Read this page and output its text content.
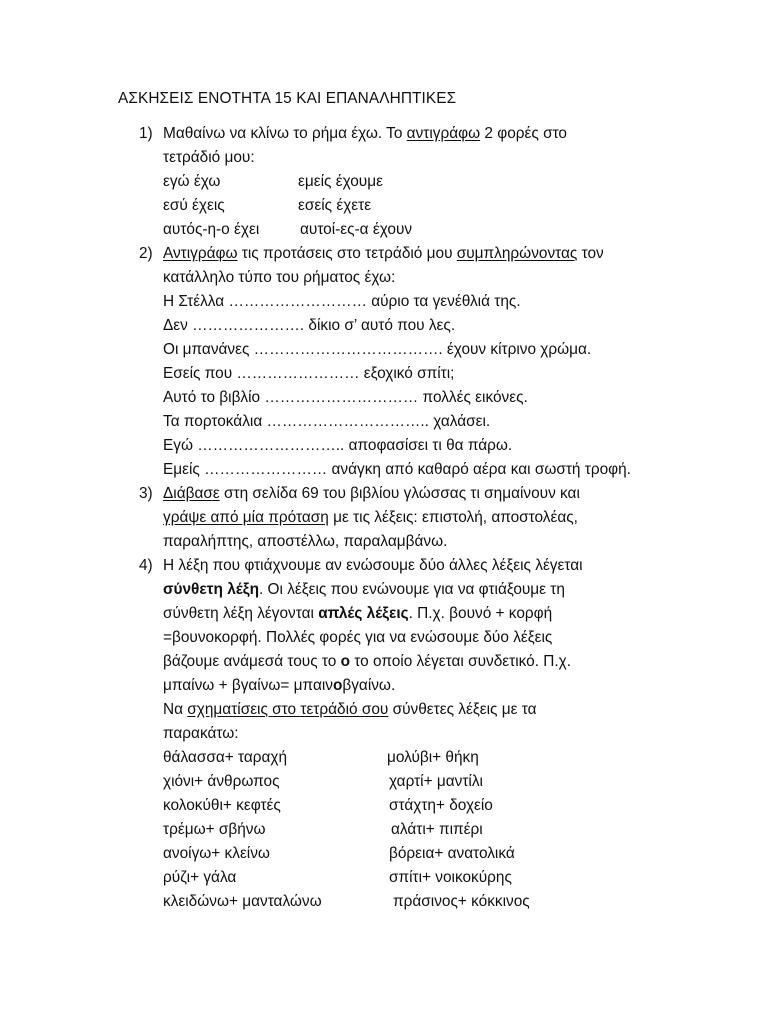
ΑΣΚΗΣΕΙΣ ΕΝΟΤΗΤΑ 15 ΚΑΙ ΕΠΑΝΑΛΗΠΤΙΚΕΣ
1) Μαθαίνω να κλίνω το ρήμα έχω. Το αντιγράφω 2 φορές στο
τετράδιό μου:
εγώ έχω	εμείς έχουμε
εσύ έχεις	εσείς έχετε
αυτός-η-ο έχει	αυτοί-ες-α έχουν
2) Αντιγράφω τις προτάσεις στο τετράδιό μου συμπληρώνοντας τον
κατάλληλο τύπο του ρήματος έχω:
Η Στέλλα ……………………… αύριο τα γενέθλιά της.
Δεν …………………. δίκιο σ’ αυτό που λες.
Οι μπανάνες ………………………………. έχουν κίτρινο χρώμα.
Εσείς που …………………… εξοχικό σπίτι;
Αυτό το βιβλίο ………………………… πολλές εικόνες.
Τα πορτοκάλια ………………………….. χαλάσει.
Εγώ ……………………….. αποφασίσει τι θα πάρω.
Εμείς …………………… ανάγκη από καθαρό αέρα και σωστή τροφή.
3) Διάβασε στη σελίδα 69 του βιβλίου γλώσσας τι σημαίνουν και
γράψε από μία πρόταση με τις λέξεις: επιστολή, αποστολέας,
παραλήπτης, αποστέλλω, παραλαμβάνω.
4) Η λέξη που φτιάχνουμε αν ενώσουμε δύο άλλες λέξεις λέγεται
σύνθετη λέξη. Οι λέξεις που ενώνουμε για να φτιάξουμε τη
σύνθετη λέξη λέγονται απλές λέξεις. Π.χ. βουνό + κορφή
=βουνοκορφή. Πολλές φορές για να ενώσουμε δύο λέξεις
βάζουμε ανάμεσά τους το ο το οποίο λέγεται συνδετικό. Π.χ.
μπαίνω + βγαίνω= μπαινοβγαίνω.
Να σχηματίσεις στο τετράδιό σου σύνθετες λέξεις με τα
παρακάτω:
θάλασσα+ ταραχή	μολύβι+ θήκη
χιόνι+ άνθρωπος	χαρτί+ μαντίλι
κολοκύθι+ κεφτές	στάχτη+ δοχείο
τρέμω+ σβήνω	αλάτι+ πιπέρι
ανοίγω+ κλείνω	βόρεια+ ανατολικά
ρύζι+ γάλα	σπίτι+ νοικοκύρης
κλειδώνω+ μανταλώνω	πράσινος+ κόκκινος
